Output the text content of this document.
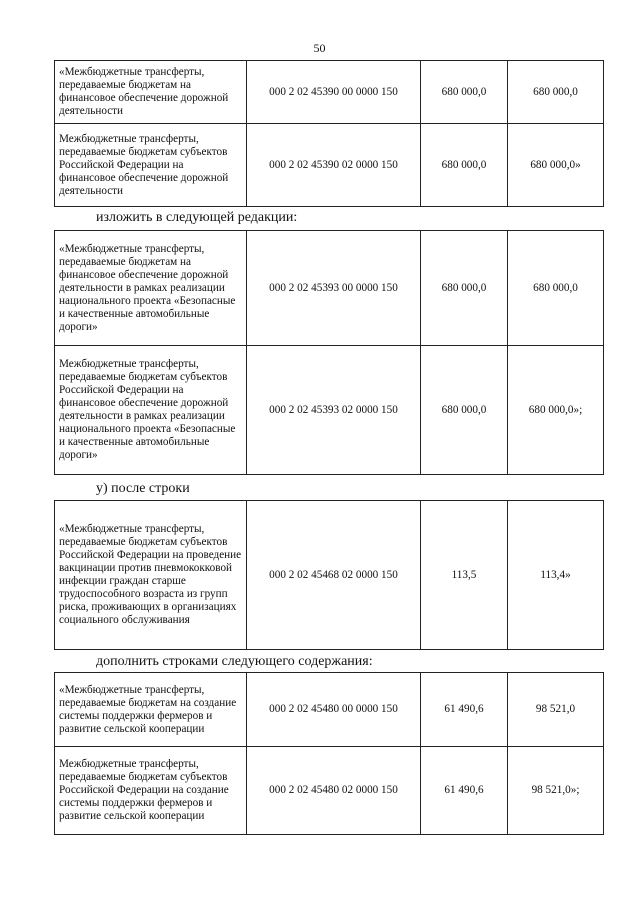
50
«Межбюджетные трансферты, передаваемые бюджетам на финансовое обеспечение дорожной деятельности	000 2 02 45390 00 0000 150	680 000,0	680 000,0
Межбюджетные трансферты, передаваемые бюджетам субъектов Российской Федерации на финансовое обеспечение дорожной деятельности	000 2 02 45390 02 0000 150	680 000,0	680 000,0»
изложить в следующей редакции:
«Межбюджетные трансферты, передаваемые бюджетам на финансовое обеспечение дорожной деятельности в рамках реализации национального проекта «Безопасные и качественные автомобильные дороги»	000 2 02 45393 00 0000 150	680 000,0	680 000,0
Межбюджетные трансферты, передаваемые бюджетам субъектов Российской Федерации на финансовое обеспечение дорожной деятельности в рамках реализации национального проекта «Безопасные и качественные автомобильные дороги»	000 2 02 45393 02 0000 150	680 000,0	680 000,0»;
у) после строки
«Межбюджетные трансферты, передаваемые бюджетам субъектов Российской Федерации на проведение вакцинации против пневмококковой инфекции граждан старше трудоспособного возраста из групп риска, проживающих в организациях социального обслуживания	000 2 02 45468 02 0000 150	113,5	113,4»
дополнить строками следующего содержания:
«Межбюджетные трансферты, передаваемые бюджетам на создание системы поддержки фермеров и развитие сельской кооперации	000 2 02 45480 00 0000 150	61 490,6	98 521,0
Межбюджетные трансферты, передаваемые бюджетам субъектов Российской Федерации на создание системы поддержки фермеров и развитие сельской кооперации	000 2 02 45480 02 0000 150	61 490,6	98 521,0»;
